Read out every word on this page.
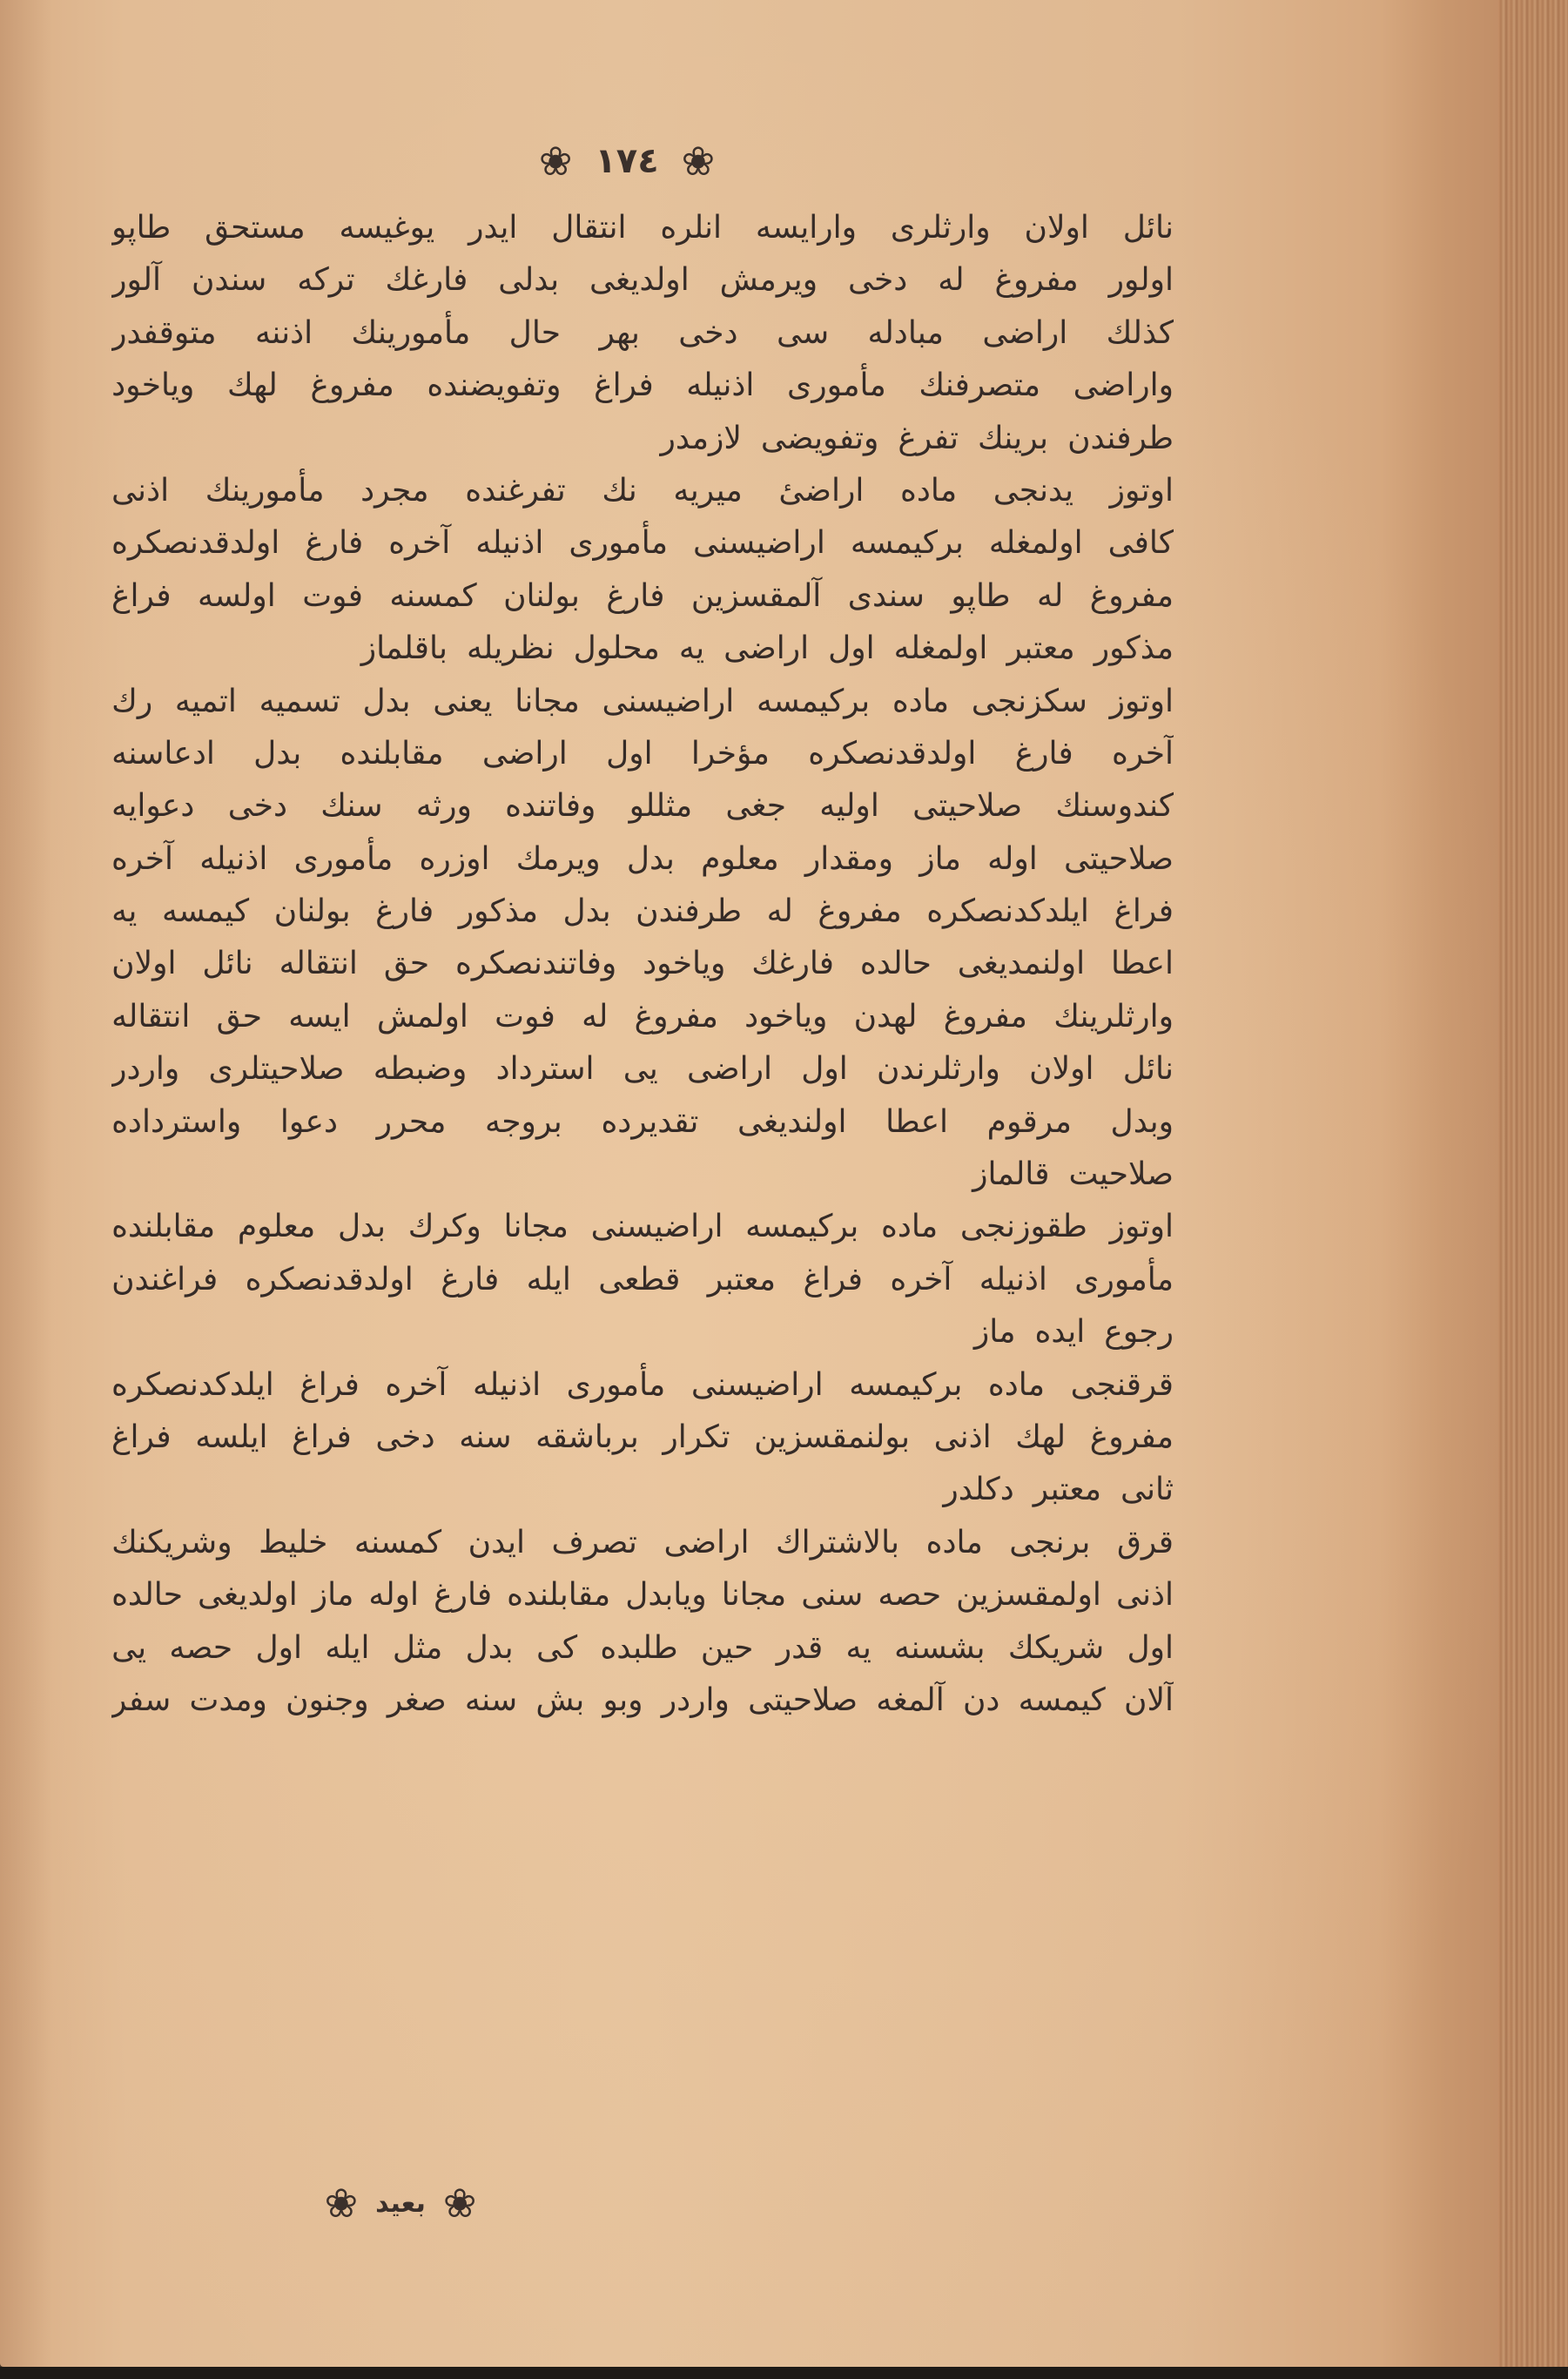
❀ ١٧٤ ❀
نائل
اولان
وارثلری
وارایسه
انلره
انتقال
ایدر
یوغیسه
مستحق
طاپو
اولور
مفروغ
له
دخی
ویرمش
اولدیغی
بدلی
فارغك
ترکه
سندن
آلور
کذلك
اراضی
مبادله
سی
دخی
بهر
حال
مأمورینك
اذننه
متوقفدر
واراضی
متصرفنك
مأموری
اذنیله
فراغ
وتفویضنده
مفروغ
لهك
ویاخود
طرفندن
برینك
تفرغ
وتفویضی
لازمدر
اوتوز
یدنجی
ماده
اراضیٔ
میریه
نك
تفرغنده
مجرد
مأمورینك
اذنی
کافی
اولمغله
برکیمسه
اراضیسنی
مأموری
اذنیله
آخره
فارغ
اولدقدنصکره
مفروغ
له
طاپو
سندی
آلمقسزین
فارغ
بولنان
کمسنه
فوت
اولسه
فراغ
مذکور
معتبر
اولمغله
اول
اراضی
یه
محلول
نظریله
باقلماز
اوتوز
سکزنجی
ماده
برکیمسه
اراضیسنی
مجانا
یعنی
بدل
تسمیه
اتمیه
رك
آخره
فارغ
اولدقدنصکره
مؤخرا
اول
اراضی
مقابلنده
بدل
ادعاسنه
کندوسنك
صلاحیتی
اولیه
جغی
مثللو
وفاتنده
ورثه
سنك
دخی
دعوایه
صلاحیتی
اوله
ماز
ومقدار
معلوم
بدل
ویرمك
اوزره
مأموری
اذنیله
آخره
فراغ
ایلدکدنصکره
مفروغ
له
طرفندن
بدل
مذکور
فارغ
بولنان
کیمسه
یه
اعطا
اولنمدیغی
حالده
فارغك
ویاخود
وفاتندنصکره
حق
انتقاله
نائل
اولان
وارثلرینك
مفروغ
لهدن
ویاخود
مفروغ
له
فوت
اولمش
ایسه
حق
انتقاله
نائل
اولان
وارثلرندن
اول
اراضی
یی
استرداد
وضبطه
صلاحیتلری
واردر
وبدل
مرقوم
اعطا
اولندیغی
تقدیرده
بروجه
محرر
دعوا
واسترداده
صلاحیت
قالماز
اوتوز
طقوزنجی
ماده
برکیمسه
اراضیسنی
مجانا
وکرك
بدل
معلوم
مقابلنده
مأموری
اذنیله
آخره
فراغ
معتبر
قطعی
ایله
فارغ
اولدقدنصکره
فراغندن
رجوع
ایده
ماز
قرقنجی
ماده
برکیمسه
اراضیسنی
مأموری
اذنیله
آخره
فراغ
ایلدکدنصکره
مفروغ
لهك
اذنی
بولنمقسزین
تکرار
برباشقه
سنه
دخی
فراغ
ایلسه
فراغ
ثانی
معتبر
دکلدر
قرق
برنجی
ماده
بالاشتراك
اراضی
تصرف
ایدن
کمسنه
خلیط
وشریکنك
اذنی
اولمقسزین
حصه
سنی
مجانا
ویابدل
مقابلنده
فارغ
اوله
ماز
اولدیغی
حالده
اول
شریکك
بشسنه
یه
قدر
حین
طلبده
کی
بدل
مثل
ایله
اول
حصه
یی
آلان
کیمسه
دن
آلمغه
صلاحیتی
واردر
وبو
بش
سنه
صغر
وجنون
ومدت
سفر
❀ بعيد ❀
